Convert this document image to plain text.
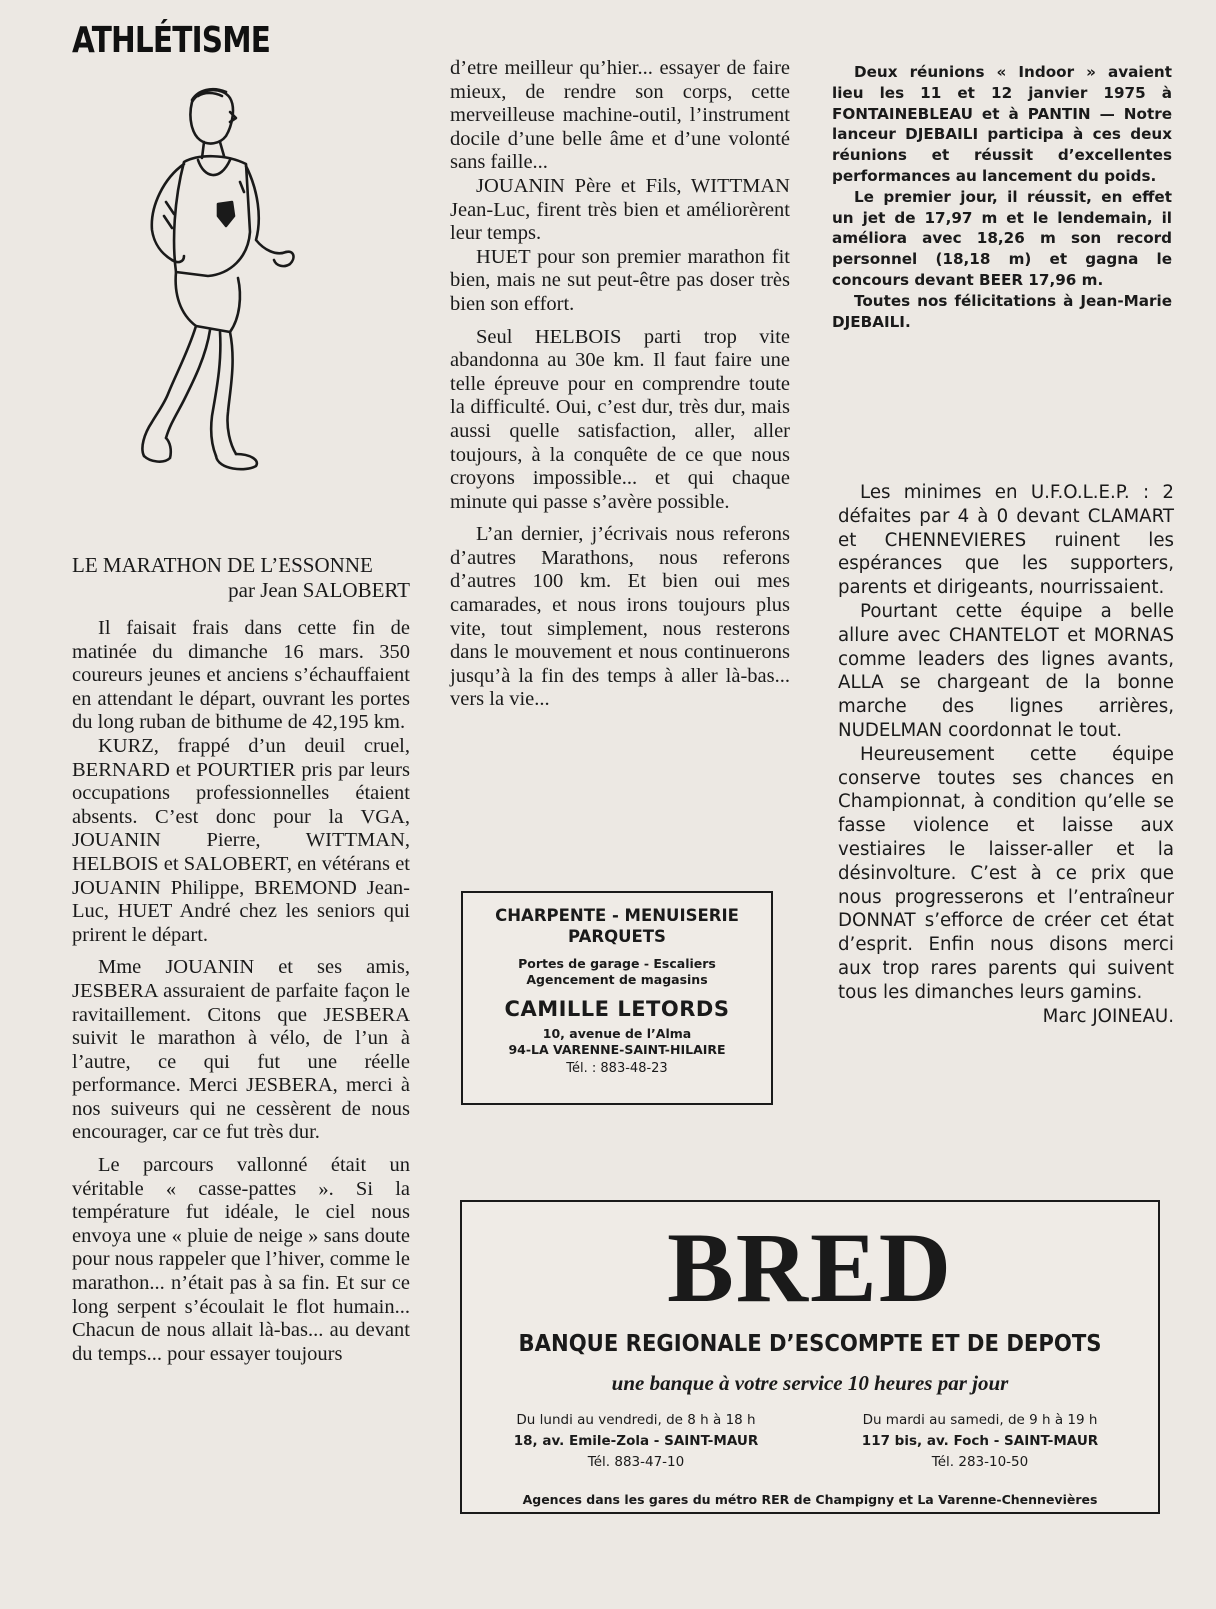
ATHLÉTISME

LE MARATHON DE L’ESSONNE

par Jean SALOBERT

Il faisait frais dans cette fin de matinée du dimanche 16 mars. 350 coureurs jeunes et anciens s’échauffaient en attendant le départ, ouvrant les portes du long ruban de bithume de 42,195 km.

KURZ, frappé d’un deuil cruel, BERNARD et POURTIER pris par leurs occupations professionnelles étaient absents. C’est donc pour la VGA, JOUANIN Pierre, WITTMAN, HELBOIS et SALOBERT, en vétérans et JOUANIN Philippe, BREMOND Jean-Luc, HUET André chez les seniors qui prirent le départ.

Mme JOUANIN et ses amis, JESBERA assuraient de parfaite façon le ravitaillement. Citons que JESBERA suivit le marathon à vélo, de l’un à l’autre, ce qui fut une réelle performance. Merci JESBERA, merci à nos suiveurs qui ne cessèrent de nous encourager, car ce fut très dur.

Le parcours vallonné était un véritable « casse-pattes ». Si la température fut idéale, le ciel nous envoya une « pluie de neige » sans doute pour nous rappeler que l’hiver, comme le marathon... n’était pas à sa fin. Et sur ce long serpent s’écoulait le flot humain... Chacun de nous allait là-bas... au devant du temps... pour essayer toujours

d’etre meilleur qu’hier... essayer de faire mieux, de rendre son corps, cette merveilleuse machine-outil, l’instrument docile d’une belle âme et d’une volonté sans faille...

JOUANIN Père et Fils, WITTMAN Jean-Luc, firent très bien et améliorèrent leur temps.

HUET pour son premier marathon fit bien, mais ne sut peut-être pas doser très bien son effort.

Seul HELBOIS parti trop vite abandonna au 30e km. Il faut faire une telle épreuve pour en comprendre toute la difficulté. Oui, c’est dur, très dur, mais aussi quelle satisfaction, aller, aller toujours, à la conquête de ce que nous croyons impossible... et qui chaque minute qui passe s’avère possible.

L’an dernier, j’écrivais nous referons d’autres Marathons, nous referons d’autres 100 km. Et bien oui mes camarades, et nous irons toujours plus vite, tout simplement, nous resterons dans le mouvement et nous continuerons jusqu’à la fin des temps à aller là-bas... vers la vie...

Deux réunions « Indoor » avaient lieu les 11 et 12 janvier 1975 à FONTAINEBLEAU et à PANTIN — Notre lanceur DJEBAILI participa à ces deux réunions et réussit d’excellentes performances au lancement du poids.

Le premier jour, il réussit, en effet un jet de 17,97 m et le lendemain, il améliora avec 18,26 m son record personnel (18,18 m) et gagna le concours devant BEER 17,96 m.

Toutes nos félicitations à Jean-Marie DJEBAILI.

Les minimes en U.F.O.L.E.P. : 2 défaites par 4 à 0 devant CLAMART et CHENNEVIERES ruinent les espérances que les supporters, parents et dirigeants, nourrissaient.

Pourtant cette équipe a belle allure avec CHANTELOT et MORNAS comme leaders des lignes avants, ALLA se chargeant de la bonne marche des lignes arrières, NUDELMAN coordonnat le tout.

Heureusement cette équipe conserve toutes ses chances en Championnat, à condition qu’elle se fasse violence et laisse aux vestiaires le laisser-aller et la désinvolture. C’est à ce prix que nous progresserons et l’entraîneur DONNAT s’efforce de créer cet état d’esprit. Enfin nous disons merci aux trop rares parents qui suivent tous les dimanches leurs gamins.

Marc JOINEAU.

CHARPENTE - MENUISERIE
PARQUETS
Portes de garage - Escaliers
Agencement de magasins
CAMILLE LETORDS
10, avenue de l’Alma
94-LA VARENNE-SAINT-HILAIRE
Tél. : 883-48-23
BRED
BANQUE REGIONALE D’ESCOMPTE ET DE DEPOTS
une banque à votre service 10 heures par jour
Du lundi au vendredi, de 8 h à 18 h
18, av. Emile-Zola - SAINT-MAUR
Tél. 883-47-10
Du mardi au samedi, de 9 h à 19 h
117 bis, av. Foch - SAINT-MAUR
Tél. 283-10-50
Agences dans les gares du métro RER de Champigny et La Varenne-Chennevières
